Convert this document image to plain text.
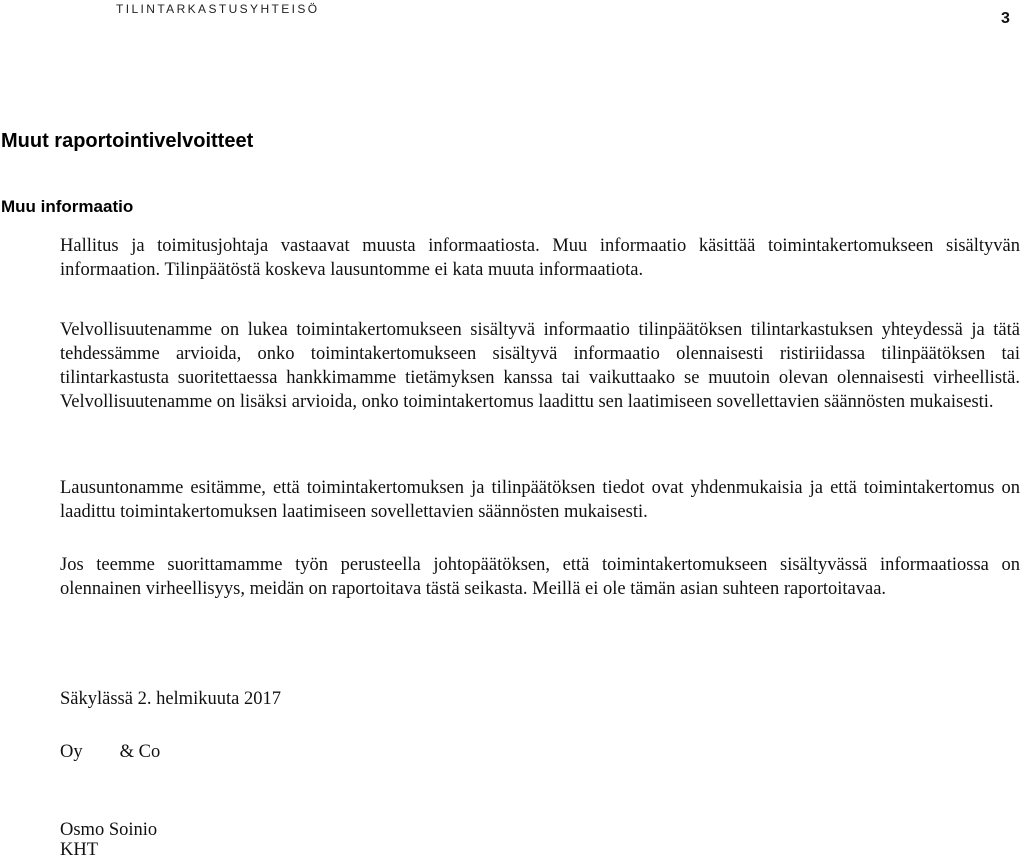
TILINTARKASTUSYHTEISÖ
3
Muut raportointivelvoitteet
Muu informaatio

Hallitus ja toimitusjohtaja vastaavat muusta informaatiosta. Muu informaatio käsittää toimintakertomukseen sisältyvän informaation. Tilinpäätöstä koskeva lausuntomme ei kata muuta informaatiota.

Velvollisuutenamme on lukea toimintakertomukseen sisältyvä informaatio tilinpäätöksen tilintarkastuksen yhteydessä ja tätä tehdessämme arvioida, onko toimintakertomukseen sisältyvä informaatio olennaisesti ristiriidassa tilinpäätöksen tai tilintarkastusta suoritettaessa hankkimamme tietämyksen kanssa tai vaikuttaako se muutoin olevan olennaisesti virheellistä. Velvollisuutenamme on lisäksi arvioida, onko toimintakertomus laadittu sen laatimiseen sovellettavien säännösten mukaisesti.

Lausuntonamme esitämme, että toimintakertomuksen ja tilinpäätöksen tiedot ovat yhdenmukaisia ja että toimintakertomus on laadittu toimintakertomuksen laatimiseen sovellettavien säännösten mukaisesti.

Jos teemme suorittamamme työn perusteella johtopäätöksen, että toimintakertomukseen sisältyvässä informaatiossa on olennainen virheellisyys, meidän on raportoitava tästä seikasta. Meillä ei ole tämän asian suhteen raportoitavaa.

Säkylässä 2. helmikuuta 2017
Oy        & Co
Osmo Soinio
KHT
